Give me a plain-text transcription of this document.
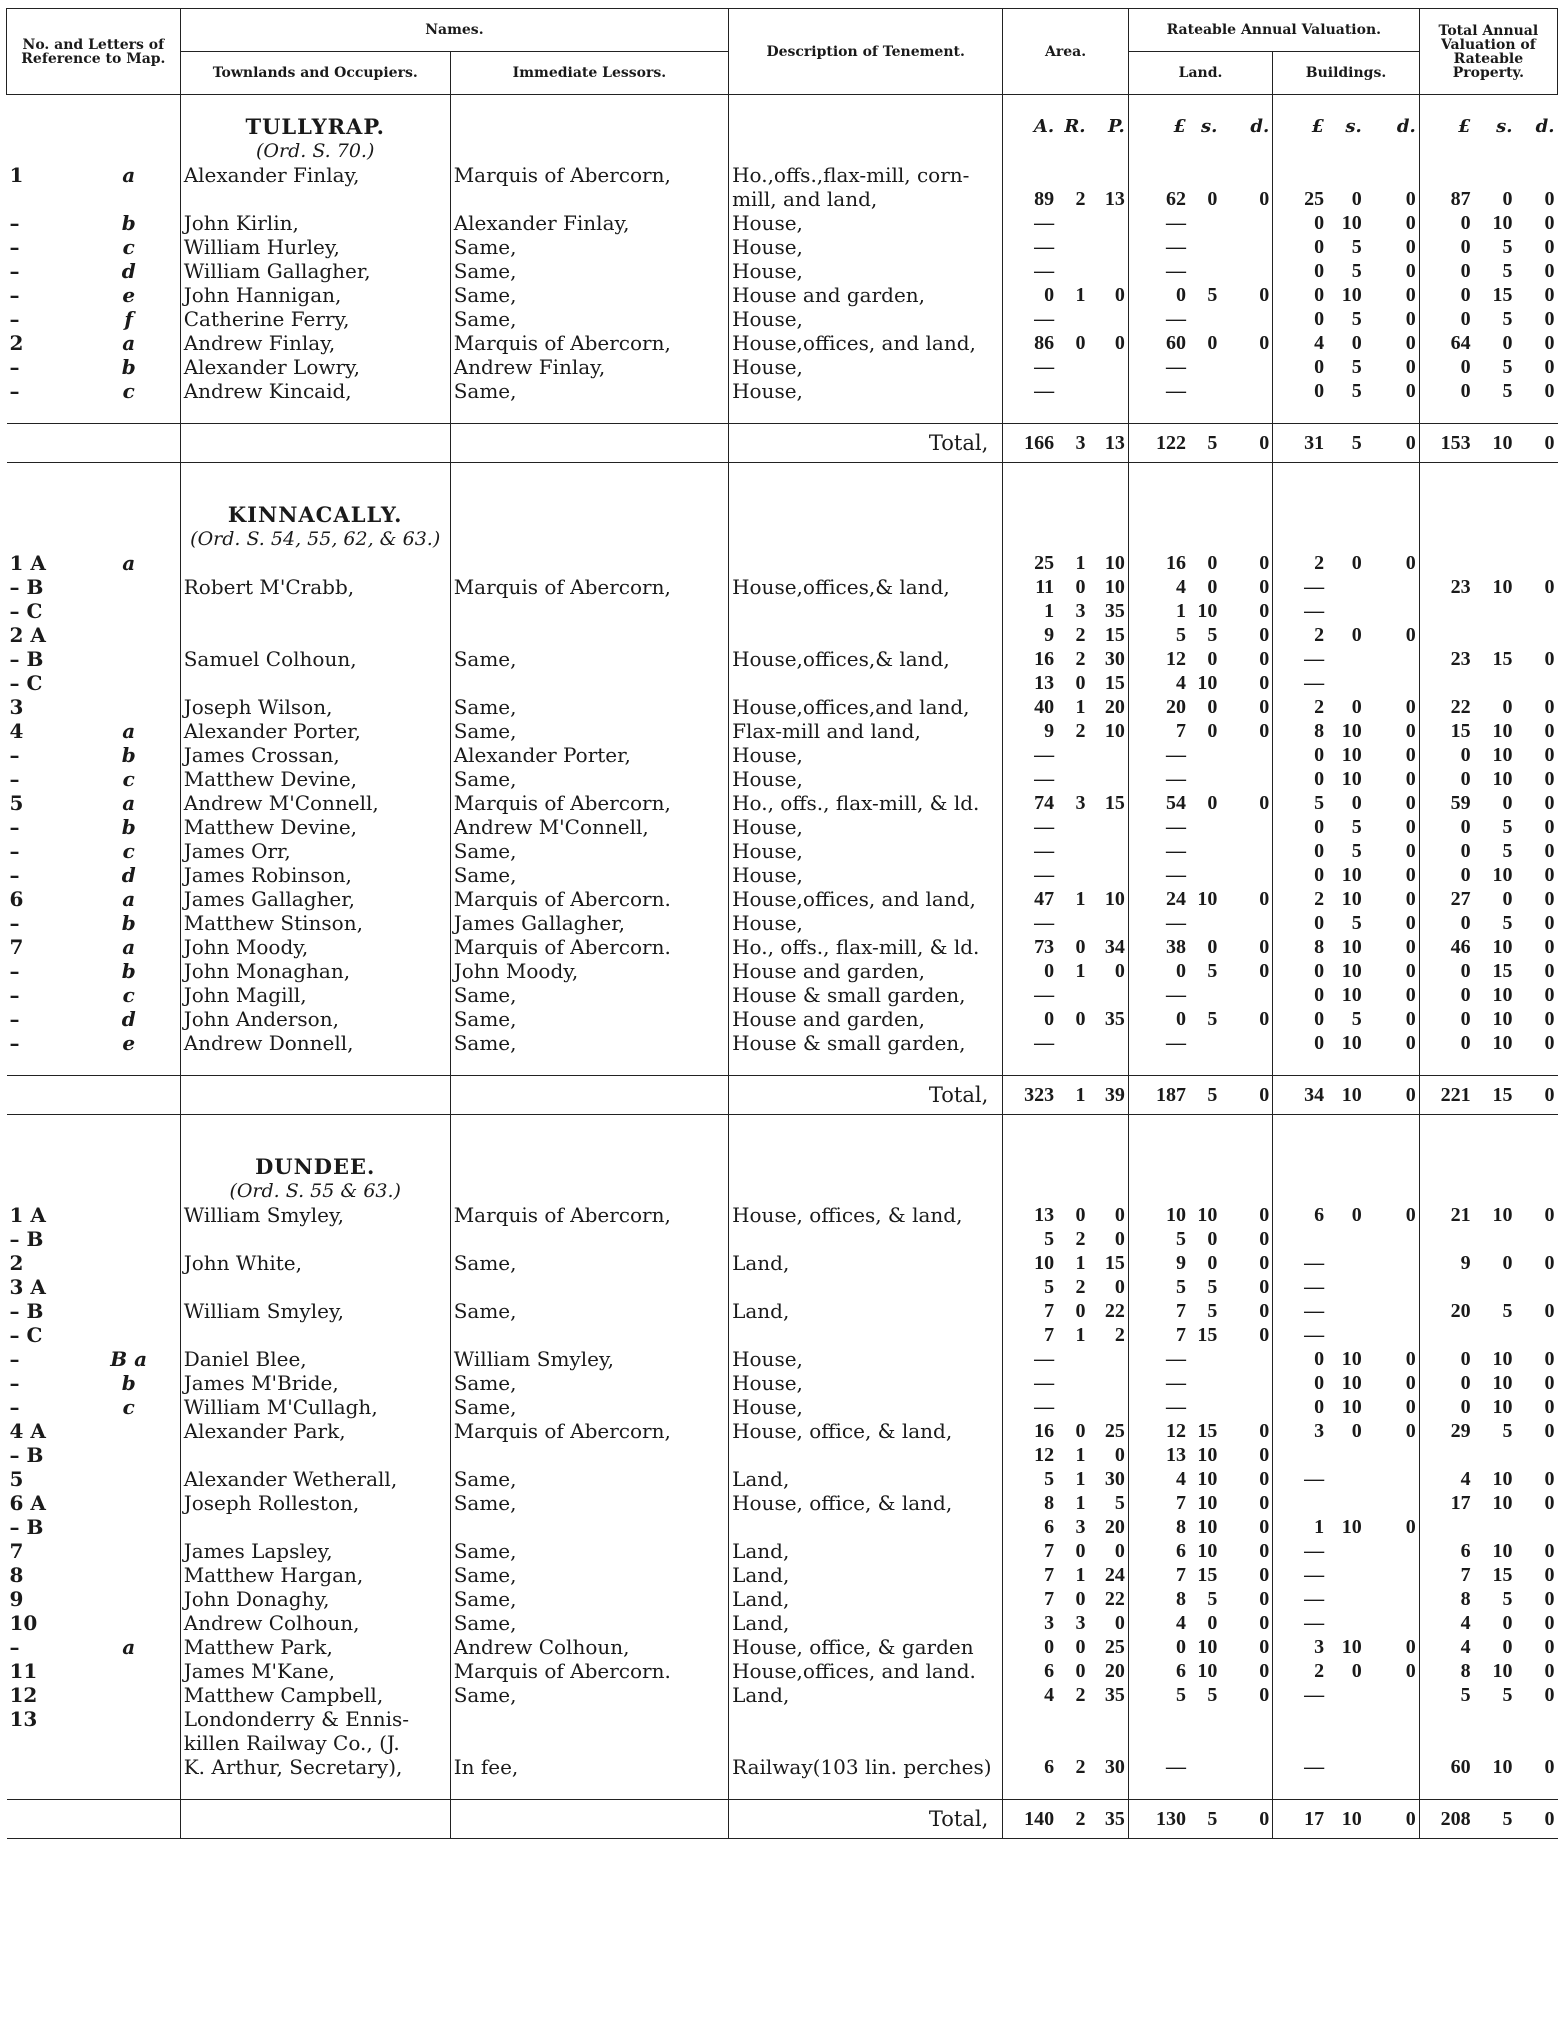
No. and Letters of Reference to Map.		Names.		Description of Tenement.	Area.			Rateable Annual Valuation.						Total Annual Valuation of Rateable Property.		
		Townlands and Occupiers.	Immediate Lessors.					Land.			Buildings.					

		TULLYRAP.			A.	R.	P.	£	s.	d.	£	s.	d.	£	s.	d.
		(Ord. S. 70.)														
1	a	Alexander Finlay,	Marquis of Abercorn,	Ho.,offs.,flax-mill, corn-												
				mill, and land,	89	2	13	62	0	0	25	0	0	87	0	0
–	b	John Kirlin,	Alexander Finlay,	House,	—			—			0	10	0	0	10	0
–	c	William Hurley,	Same,	House,	—			—			0	5	0	0	5	0
–	d	William Gallagher,	Same,	House,	—			—			0	5	0	0	5	0
–	e	John Hannigan,	Same,	House and garden,	0	1	0	0	5	0	0	10	0	0	15	0
–	f	Catherine Ferry,	Same,	House,	—			—			0	5	0	0	5	0
2	a	Andrew Finlay,	Marquis of Abercorn,	House,offices, and land,	86	0	0	60	0	0	4	0	0	64	0	0
–	b	Alexander Lowry,	Andrew Finlay,	House,	—			—			0	5	0	0	5	0
–	c	Andrew Kincaid,	Same,	House,	—			—			0	5	0	0	5	0

				Total,	166	3	13	122	5	0	31	5	0	153	10	0

		KINNACALLY.														
		(Ord. S. 54, 55, 62, & 63.)														
1 A	a				25	1	10	16	0	0	2	0	0			
– B		Robert M'Crabb,	Marquis of Abercorn,	House,offices,& land,	11	0	10	4	0	0	—			23	10	0
– C					1	3	35	1	10	0	—					
2 A					9	2	15	5	5	0	2	0	0			
– B		Samuel Colhoun,	Same,	House,offices,& land,	16	2	30	12	0	0	—			23	15	0
– C					13	0	15	4	10	0	—					
3		Joseph Wilson,	Same,	House,offices,and land,	40	1	20	20	0	0	2	0	0	22	0	0
4	a	Alexander Porter,	Same,	Flax-mill and land,	9	2	10	7	0	0	8	10	0	15	10	0
–	b	James Crossan,	Alexander Porter,	House,	—			—			0	10	0	0	10	0
–	c	Matthew Devine,	Same,	House,	—			—			0	10	0	0	10	0
5	a	Andrew M'Connell,	Marquis of Abercorn,	Ho., offs., flax-mill, & ld.	74	3	15	54	0	0	5	0	0	59	0	0
–	b	Matthew Devine,	Andrew M'Connell,	House,	—			—			0	5	0	0	5	0
–	c	James Orr,	Same,	House,	—			—			0	5	0	0	5	0
–	d	James Robinson,	Same,	House,	—			—			0	10	0	0	10	0
6	a	James Gallagher,	Marquis of Abercorn.	House,offices, and land,	47	1	10	24	10	0	2	10	0	27	0	0
–	b	Matthew Stinson,	James Gallagher,	House,	—			—			0	5	0	0	5	0
7	a	John Moody,	Marquis of Abercorn.	Ho., offs., flax-mill, & ld.	73	0	34	38	0	0	8	10	0	46	10	0
–	b	John Monaghan,	John Moody,	House and garden,	0	1	0	0	5	0	0	10	0	0	15	0
–	c	John Magill,	Same,	House & small garden,	—			—			0	10	0	0	10	0
–	d	John Anderson,	Same,	House and garden,	0	0	35	0	5	0	0	5	0	0	10	0
–	e	Andrew Donnell,	Same,	House & small garden,	—			—			0	10	0	0	10	0

				Total,	323	1	39	187	5	0	34	10	0	221	15	0

		DUNDEE.														
		(Ord. S. 55 & 63.)														
1 A		William Smyley,	Marquis of Abercorn,	House, offices, & land,	13	0	0	10	10	0	6	0	0	21	10	0
– B					5	2	0	5	0	0						
2		John White,	Same,	Land,	10	1	15	9	0	0	—			9	0	0
3 A					5	2	0	5	5	0	—					
– B		William Smyley,	Same,	Land,	7	0	22	7	5	0	—			20	5	0
– C					7	1	2	7	15	0	—					
–	B a	Daniel Blee,	William Smyley,	House,	—			—			0	10	0	0	10	0
–	b	James M'Bride,	Same,	House,	—			—			0	10	0	0	10	0
–	c	William M'Cullagh,	Same,	House,	—			—			0	10	0	0	10	0
4 A		Alexander Park,	Marquis of Abercorn,	House, office, & land,	16	0	25	12	15	0	3	0	0	29	5	0
– B					12	1	0	13	10	0						
5		Alexander Wetherall,	Same,	Land,	5	1	30	4	10	0	—			4	10	0
6 A		Joseph Rolleston,	Same,	House, office, & land,	8	1	5	7	10	0				17	10	0
– B					6	3	20	8	10	0	1	10	0			
7		James Lapsley,	Same,	Land,	7	0	0	6	10	0	—			6	10	0
8		Matthew Hargan,	Same,	Land,	7	1	24	7	15	0	—			7	15	0
9		John Donaghy,	Same,	Land,	7	0	22	8	5	0	—			8	5	0
10		Andrew Colhoun,	Same,	Land,	3	3	0	4	0	0	—			4	0	0
–	a	Matthew Park,	Andrew Colhoun,	House, office, & garden	0	0	25	0	10	0	3	10	0	4	0	0
11		James M'Kane,	Marquis of Abercorn.	House,offices, and land.	6	0	20	6	10	0	2	0	0	8	10	0
12		Matthew Campbell,	Same,	Land,	4	2	35	5	5	0	—			5	5	0
13		Londonderry & Ennis-														
		killen Railway Co., (J.														
		K. Arthur, Secretary),	In fee,	Railway(103 lin. perches)	6	2	30	—			—			60	10	0

				Total,	140	2	35	130	5	0	17	10	0	208	5	0
